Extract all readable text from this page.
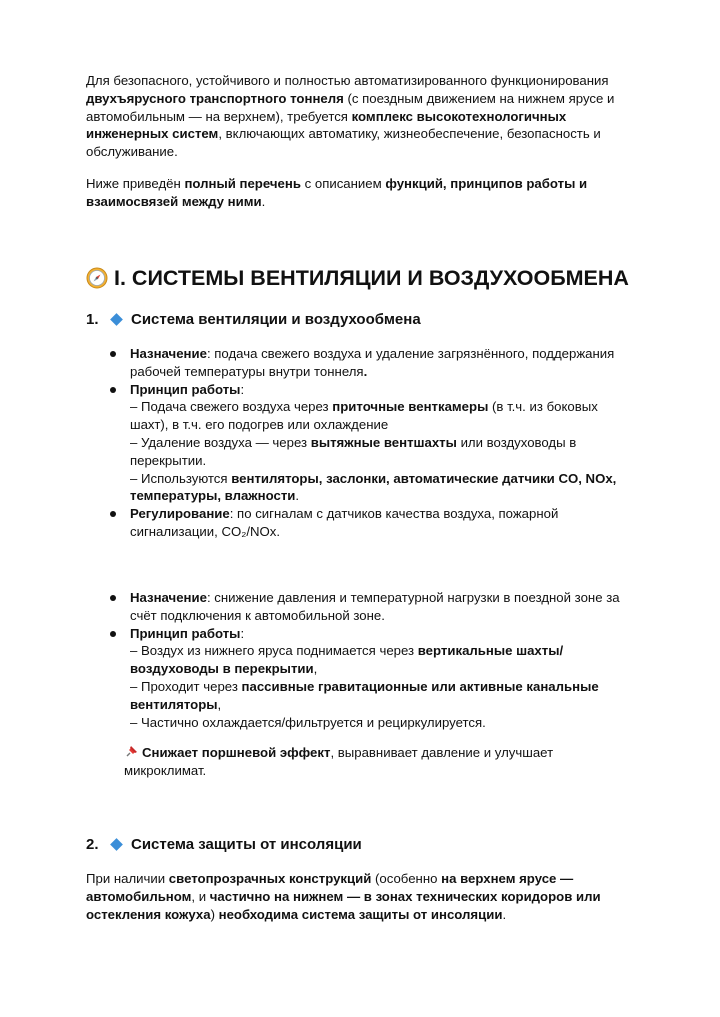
Для безопасного, устойчивого и полностью автоматизированного функционирования двухъярусного транспортного тоннеля (с поездным движением на нижнем ярусе и автомобильным — на верхнем), требуется комплекс высокотехнологичных инженерных систем, включающих автоматику, жизнеобеспечение, безопасность и обслуживание.

Ниже приведён полный перечень с описанием функций, принципов работы и взаимосвязей между ними.

I. СИСТЕМЫ ВЕНТИЛЯЦИИ И ВОЗДУХООБМЕНА
1. Система вентиляции и воздухообмена
Назначение: подача свежего воздуха и удаление загрязнённого, поддержания рабочей температуры внутри тоннеля.
Принцип работы:
– Подача свежего воздуха через приточные венткамеры (в т.ч. из боковых шахт), в т.ч. его подогрев или охлаждение
– Удаление воздуха — через вытяжные вентшахты или воздуховоды в перекрытии.
– Используются вентиляторы, заслонки, автоматические датчики CO, NOx, температуры, влажности.
Регулирование: по сигналам с датчиков качества воздуха, пожарной сигнализации, CO₂/NOx.
Назначение: снижение давления и температурной нагрузки в поездной зоне за счёт подключения к автомобильной зоне.
Принцип работы:
– Воздух из нижнего яруса поднимается через вертикальные шахты/воздуховоды в перекрытии,
– Проходит через пассивные гравитационные или активные канальные вентиляторы,
– Частично охлаждается/фильтруется и рециркулируется.
Снижает поршневой эффект, выравнивает давление и улучшает микроклимат.
2. Система защиты от инсоляции

При наличии светопрозрачных конструкций (особенно на верхнем ярусе — автомобильном, и частично на нижнем — в зонах технических коридоров или остекления кожуха) необходима система защиты от инсоляции.
